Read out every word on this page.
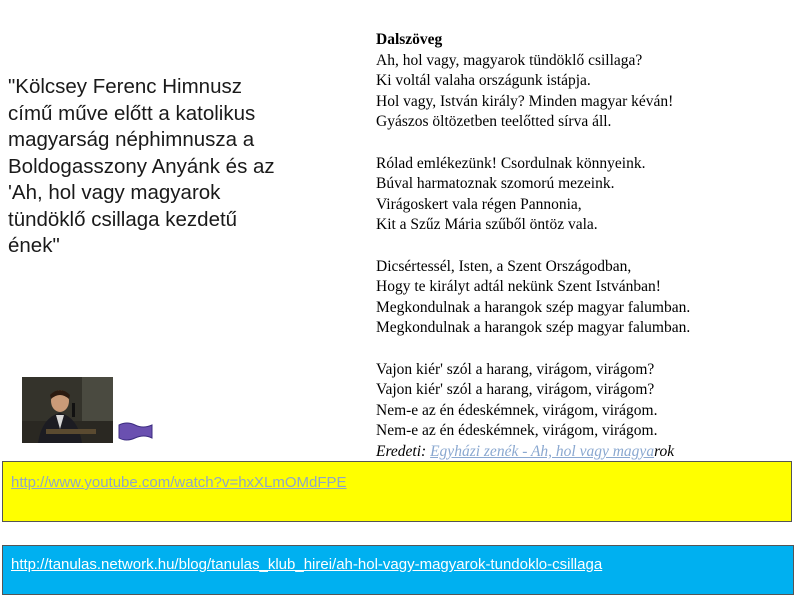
"Kölcsey Ferenc Himnusz
című műve előtt a katolikus
magyarság néphimnusza a
Boldogasszony Anyánk és az
'Ah, hol vagy magyarok
tündöklő csillaga kezdetű
ének"
Dalszöveg

Ah, hol vagy, magyarok tündöklő csillaga?
Ki voltál valaha országunk istápja.
Hol vagy, István király? Minden magyar kéván!
Gyászos öltözetben teelőtted sírva áll.

Rólad emlékezünk! Csordulnak könnyeink.
Búval harmatoznak szomorú mezeink.
Virágoskert vala régen Pannonia,
Kit a Szűz Mária szűből öntöz vala.

Dicsértessél, Isten, a Szent Országodban,
Hogy te királyt adtál nekünk Szent Istvánban!
Megkondulnak a harangok szép magyar falumban.
Megkondulnak a harangok szép magyar falumban.

Vajon kiér' szól a harang, virágom, virágom?
Vajon kiér' szól a harang, virágom, virágom?
Nem-e az én édeskémnek, virágom, virágom.
Nem-e az én édeskémnek, virágom, virágom.

Eredeti: Egyházi zenék - Ah, hol vagy magyarok
http://www.youtube.com/watch?v=hxXLmOMdFPE
http://tanulas.network.hu/blog/tanulas_klub_hirei/ah-hol-vagy-magyarok-tundoklo-csillaga
